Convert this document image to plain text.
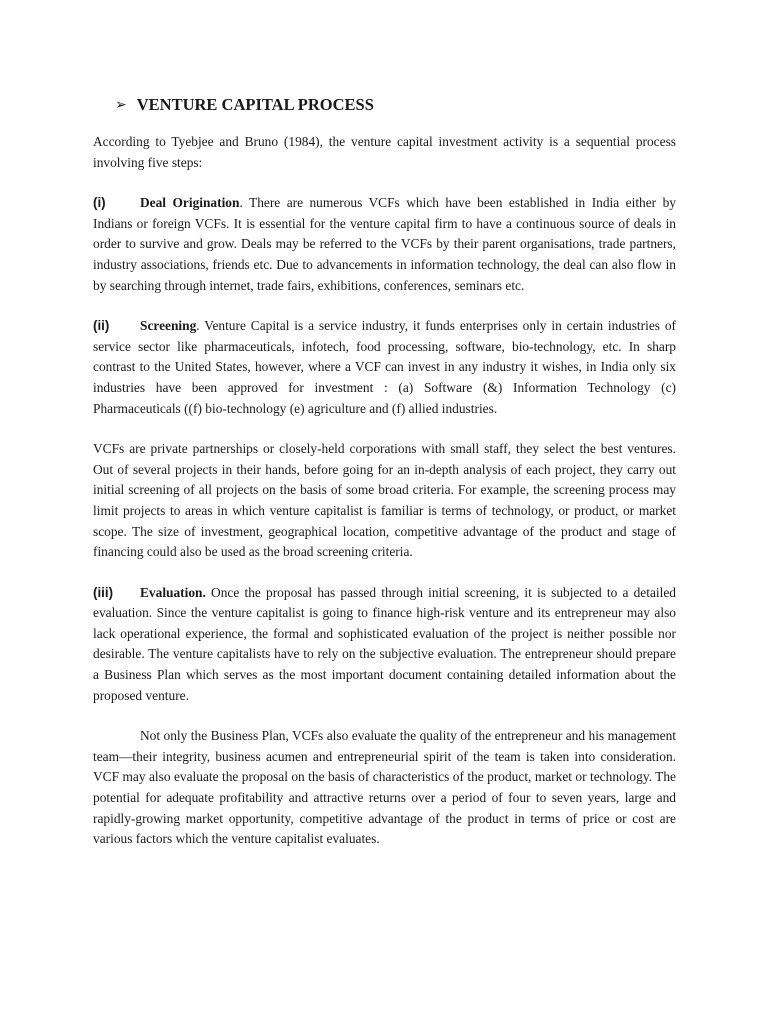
➢ VENTURE CAPITAL PROCESS

According to Tyebjee and Bruno (1984), the venture capital investment activity is a sequential process involving five steps:

(i)	Deal Origination. There are numerous VCFs which have been established in India either by Indians or foreign VCFs. It is essential for the venture capital firm to have a continuous source of deals in order to survive and grow. Deals may be referred to the VCFs by their parent organisations, trade partners, industry associations, friends etc. Due to advancements in information technology, the deal can also flow in by searching through internet, trade fairs, exhibitions, conferences, seminars etc.

(ii) Screening. Venture Capital is a service industry, it funds enterprises only in certain industries of service sector like pharmaceuticals, infotech, food processing, software, bio-technology, etc. In sharp contrast to the United States, however, where a VCF can invest in any industry it wishes, in India only six industries have been approved for investment : (a) Software (&) Information Technology (c) Pharmaceuticals ((f) bio-technology (e) agriculture and (f) allied industries.

VCFs are private partnerships or closely-held corporations with small staff, they select the best ventures. Out of several projects in their hands, before going for an in-depth analysis of each project, they carry out initial screening of all projects on the basis of some broad criteria. For example, the screening process may limit projects to areas in which venture capitalist is familiar is terms of technology, or product, or market scope. The size of investment, geographical location, competitive advantage of the product and stage of financing could also be used as the broad screening criteria.

(iii) Evaluation. Once the proposal has passed through initial screening, it is subjected to a detailed evaluation. Since the venture capitalist is going to finance high-risk venture and its entrepreneur may also lack operational experience, the formal and sophisticated evaluation of the project is neither possible nor desirable. The venture capitalists have to rely on the subjective evaluation. The entrepreneur should prepare a Business Plan which serves as the most important document containing detailed information about the proposed venture.

Not only the Business Plan, VCFs also evaluate the quality of the entrepreneur and his management team—their integrity, business acumen and entrepreneurial spirit of the team is taken into consideration. VCF may also evaluate the proposal on the basis of characteristics of the product, market or technology. The potential for adequate profitability and attractive returns over a period of four to seven years, large and rapidly-growing market opportunity, competitive advantage of the product in terms of price or cost are various factors which the venture capitalist evaluates.
